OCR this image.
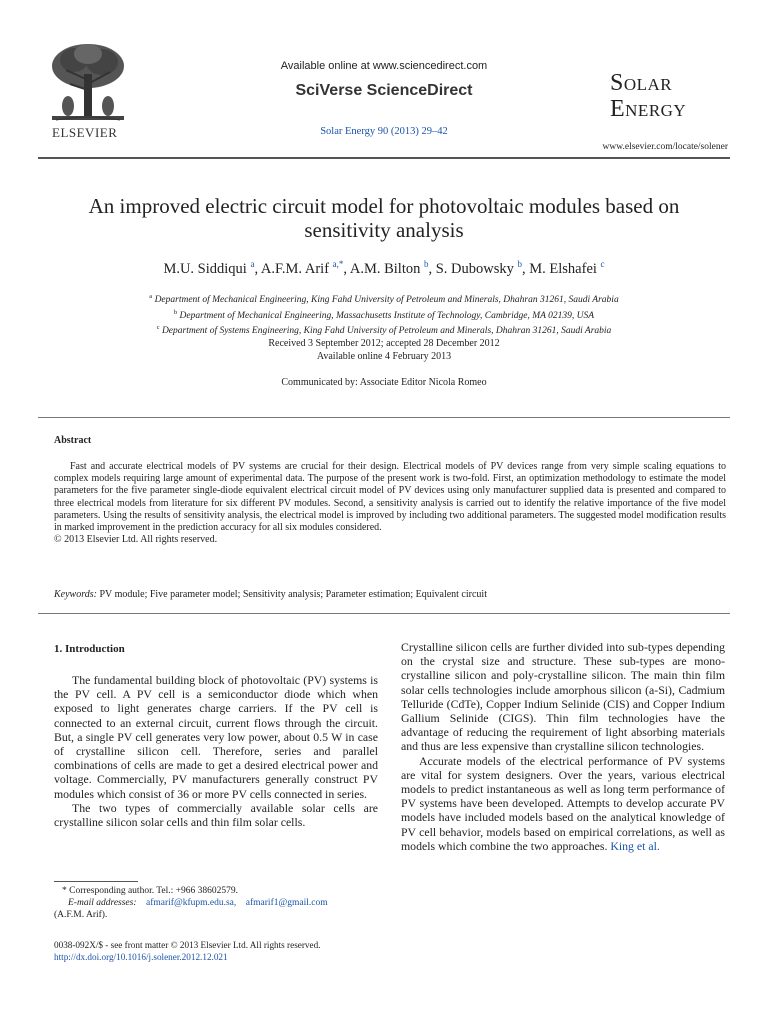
ELSEVIER
Available online at www.sciencedirect.com
SciVerse ScienceDirect
Solar Energy 90 (2013) 29–42
Solar
Energy
www.elsevier.com/locate/solener
An improved electric circuit model for photovoltaic modules based on sensitivity analysis
M.U. Siddiqui $^a$, A.F.M. Arif $^{a,*}$, A.M. Bilton $^b$, S. Dubowsky $^b$, M. Elshafei $^c$
$^a$ Department of Mechanical Engineering, King Fahd University of Petroleum and Minerals, Dhahran 31261, Saudi Arabia
$^b$ Department of Mechanical Engineering, Massachusetts Institute of Technology, Cambridge, MA 02139, USA
$^c$ Department of Systems Engineering, King Fahd University of Petroleum and Minerals, Dhahran 31261, Saudi Arabia
Received 3 September 2012; accepted 28 December 2012
Available online 4 February 2013
Communicated by: Associate Editor Nicola Romeo
Abstract
Fast and accurate electrical models of PV systems are crucial for their design. Electrical models of PV devices range from very simple scaling equations to complex models requiring large amount of experimental data. The purpose of the present work is two-fold. First, an optimization methodology to estimate the model parameters for the five parameter single-diode equivalent electrical circuit model of PV devices using only manufacturer supplied data is presented and compared to three electrical models from literature for six different PV modules. Second, a sensitivity analysis is carried out to identify the relative importance of the five model parameters. Using the results of sensitivity analysis, the electrical model is improved by including two additional parameters. The suggested model modification results in marked improvement in the prediction accuracy for all six modules considered.
© 2013 Elsevier Ltd. All rights reserved.
Keywords: PV module; Five parameter model; Sensitivity analysis; Parameter estimation; Equivalent circuit
1. Introduction
The fundamental building block of photovoltaic (PV) systems is the PV cell. A PV cell is a semiconductor diode which when exposed to light generates charge carriers. If the PV cell is connected to an external circuit, current flows through the circuit. But, a single PV cell generates very low power, about 0.5 W in case of crystalline silicon cell. Therefore, series and parallel combinations of cells are made to get a desired electrical power and voltage. Commercially, PV manufacturers generally construct PV modules which consist of 36 or more PV cells connected in series.
The two types of commercially available solar cells are crystalline silicon solar cells and thin film solar cells.
Crystalline silicon cells are further divided into sub-types depending on the crystal size and structure. These sub-types are mono-crystalline silicon and poly-crystalline silicon. The main thin film solar cells technologies include amorphous silicon (a-Si), Cadmium Telluride (CdTe), Copper Indium Selinide (CIS) and Copper Indium Gallium Selinide (CIGS). Thin film technologies have the advantage of reducing the requirement of light absorbing materials and thus are less expensive than crystalline silicon technologies.
Accurate models of the electrical performance of PV systems are vital for system designers. Over the years, various electrical models to predict instantaneous as well as long term performance of PV systems have been developed. Attempts to develop accurate PV models have included models based on the analytical knowledge of PV cell behavior, models based on empirical correlations, as well as models which combine the two approaches. King et al.
* Corresponding author. Tel.: +966 38602579.
E-mail addresses: afmarif@kfupm.edu.sa, afmarif1@gmail.com
(A.F.M. Arif).
0038-092X/$ - see front matter © 2013 Elsevier Ltd. All rights reserved.
http://dx.doi.org/10.1016/j.solener.2012.12.021
